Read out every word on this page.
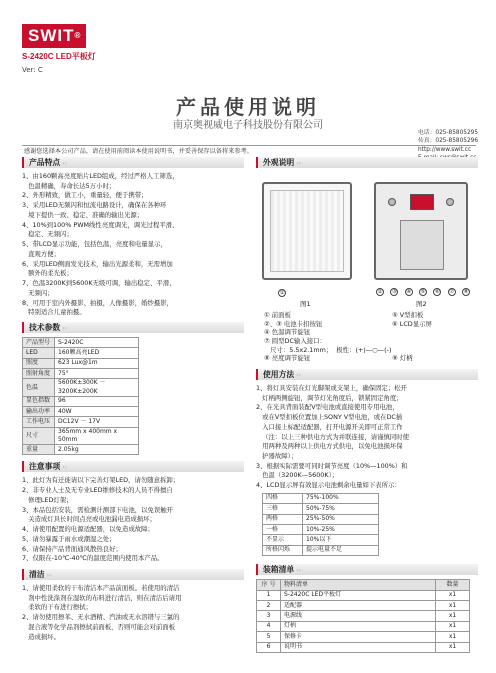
SWIT®
S-2420C LED平板灯
Ver: C
产品使用说明
南京奥视威电子科技股份有限公司
电话：025-85805295
传真：025-85805296
http://www.swit.cc
感谢您选择本公司产品，请在使用前阅读本使用说明书，并妥善保存以备将来参考。
产品特点 ››
1、由160颗高亮度贴片LED组成，经过严格人工筛选，
色温精确，寿命长达5万小时；
2、外形精致，做工小，重量轻，便于携带；
3、采用LED无频闪和恒流电路设计，确保在各种环
境下提供一致、稳定、准确的输出光源；
4、10%到100% PWM线性亮度调光，调光过程平滑、
稳定、无频闪；
5、带LCD显示功能，包括色温，亮度和电量显示，
直观方便；
6、采用LED侧面发光技术，输出光源柔和，无需增加
额外的柔光板；
7、色温3200K到5600K无级可调，输出稳定、平滑、
无频闪；
8、可用于室内外摄影、拍摄，人像摄影，婚纱摄影，
特别适合儿童拍摄。
技术参数 ››
产品型号	S-2420C
LED	160颗高亮LED
照度	623 Lux@1m
照射角度	75°
色温	5600K±300K － 3200K±200K
显色指数	96
输出功率	40W
工作电压	DC12V － 17V
尺寸	365mm x 400mm x 50mm
重量	2.05kg
注意事项 ››
1、此灯为有迁徙请以下完善灯架LED，请勿随意拆卸；
2、非专业人士及无专业LED维修技术的人员不得擅自
修理LED灯架；
3、本品包括安装，需检测计测部下电池，以免误触开
关造成灯具长时间点亮或电池漏电造成损坏；
4、请使用配置的电源适配器，以免造成故障；
5、请勿暴露于雨水或潮湿之处；
6、请保持产品背面通风散热良好；
7、仅限在-10℃-40℃的温度范围内使用本产品。
清洁 ››
1、请使用柔软的干布清洁本产品前面板。若使用的清洁
剂中性洗涤剂在湿软的布料进行清洁，则在清洁后请用
柔软的干布进行擦拭；
2、请勿使用擦苯、无水酒精、汽油或无水溶镨与三氯的
混合液等化学品剂擦拭前面板，否则可能会对前面板
造成损坏。
外观说明 ››
①
图1
② ③ ④ ⑤ ⑥ ⑦ ⑧
图2
① 前面板	⑤ V型扣板
②、③ 电池卡扣按钮	⑥ LCD显示屏
④ 色温调节旋钮
⑦ 圆型DC输入接口：
尺寸：5.5x2.1mm；  极性：(+)—○—(-)
⑧ 亮度调节旋钮	⑨ 灯柄
使用方法 ››
1、将灯具安装在灯光脚架或支架上，确保固定；松开
灯柄两侧旋钮，调节灯光角度后，锁紧固定角度；
2、在光具背面装配V型电池或直接使用专用电池，
或在V型扣板位置加上SONY V型电池，或在DC插
入口接上标配适配器，打开电源开关即可正常工作
（注：以上三种供电方式为并联连接，请谨慎同时使
用两种及两种以上供电方式供电，以免电池损坏保
护器故障）；
3、根据实际需要可同时调节亮度（10%—100%）和
色温（3200K—5600K）；
4、LCD显示屏有效显示电池剩余电量如下表所示：
四格	75%-100%
三格	50%-75%
两格	25%-50%
一格	10%-25%
不显示	10%以下
所格闪烁	提示电量不足
装箱清单 ››
序 号	物料清单	数量
1	S-2420C LED平板灯	x1
2	适配器	x1
3	电源线	x1
4	灯柄	x1
5	保修卡	x1
6	说明书	x1
